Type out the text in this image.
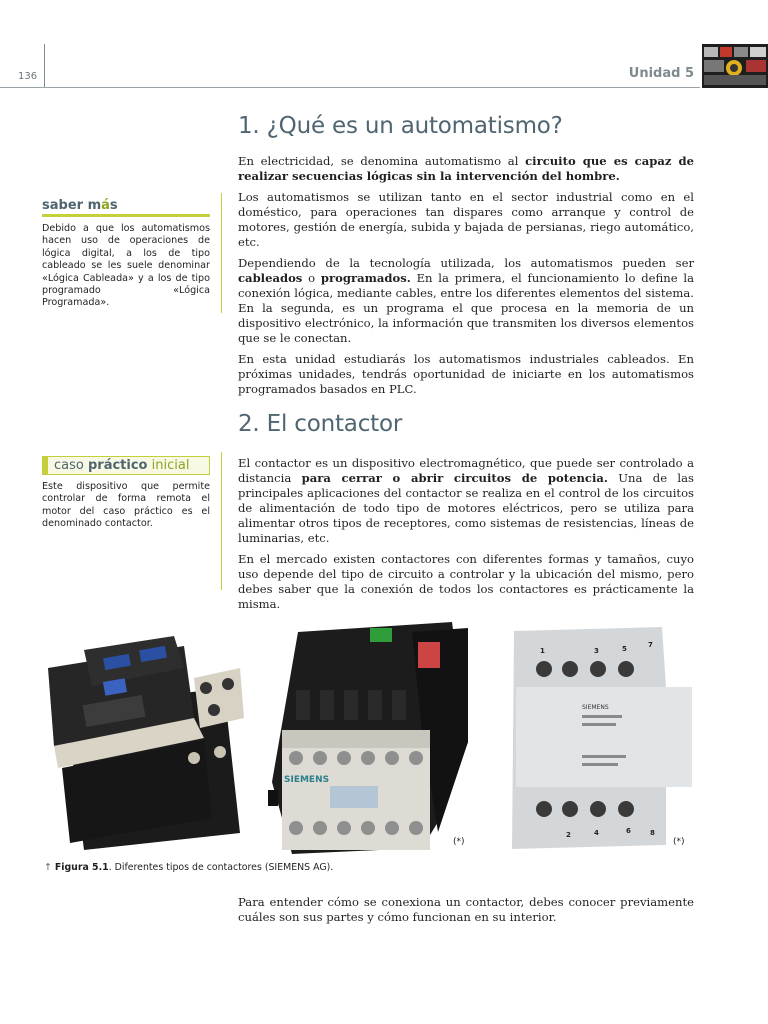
136	Unidad 5
1. ¿Qué es un automatismo?

En electricidad, se denomina automatismo al circuito que es capaz de realizar secuencias lógicas sin la intervención del hombre.

Los automatismos se utilizan tanto en el sector industrial como en el doméstico, para operaciones tan dispares como arranque y control de motores, gestión de energía, subida y bajada de persianas, riego automático, etc.

Dependiendo de la tecnología utilizada, los automatismos pueden ser cableados o programados. En la primera, el funcionamiento lo define la conexión lógica, mediante cables, entre los diferentes elementos del sistema. En la segunda, es un programa el que procesa en la memoria de un dispositivo electrónico, la información que transmiten los diversos elementos que se le conectan.

En esta unidad estudiarás los automatismos industriales cableados. En próximas unidades, tendrás oportunidad de iniciarte en los automatismos programados basados en PLC.

saber más
Debido a que los automatismos hacen uso de operaciones de lógica digital, a los de tipo cableado se les suele denominar «Lógica Cableada» y a los de tipo programado «Lógica Programada».
2. El contactor

El contactor es un dispositivo electromagnético, que puede ser controlado a distancia para cerrar o abrir circuitos de potencia. Una de las principales aplicaciones del contactor se realiza en el control de los circuitos de alimentación de todo tipo de motores eléctricos, pero se utiliza para alimentar otros tipos de receptores, como sistemas de resistencias, líneas de luminarias, etc.

En el mercado existen contactores con diferentes formas y tamaños, cuyo uso depende del tipo de circuito a controlar y la ubicación del mismo, pero debes saber que la conexión de todos los contactores es prácticamente la misma.

caso práctico inicial
Este dispositivo que permite controlar de forma remota el motor del caso práctico es el denominado contactor.
SIEMENS
SIEMENS
1	3	5	7
2	4	6	8
(*)	(*)
↑ Figura 5.1. Diferentes tipos de contactores (SIEMENS AG).

Para entender cómo se conexiona un contactor, debes conocer previamente cuáles son sus partes y cómo funcionan en su interior.
